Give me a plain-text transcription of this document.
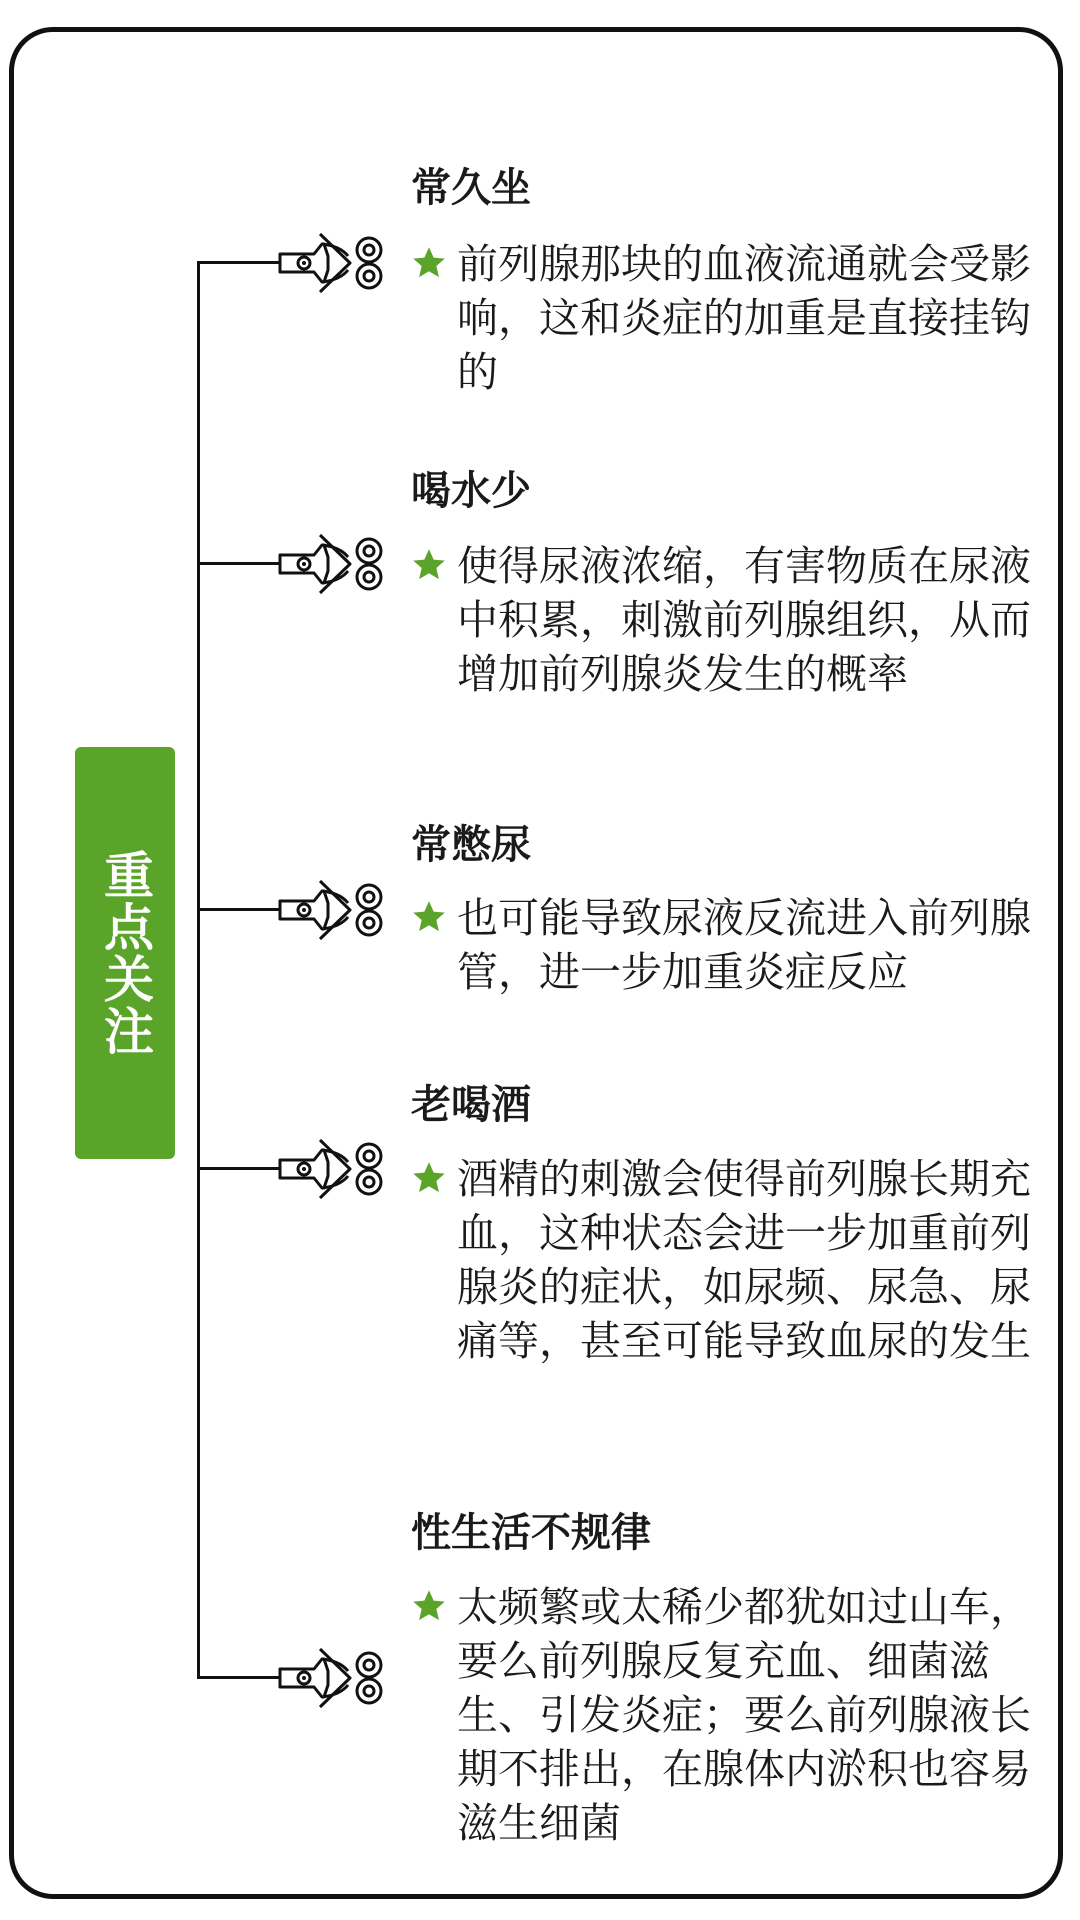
重点关注
常久坐
前列腺那块的血液流通就会受影响，这和炎症的加重是直接挂钩的
喝水少
使得尿液浓缩，有害物质在尿液中积累，刺激前列腺组织，从而增加前列腺炎发生的概率
常憋尿
也可能导致尿液反流进入前列腺管，进一步加重炎症反应
老喝酒
酒精的刺激会使得前列腺长期充血，这种状态会进一步加重前列腺炎的症状，如尿频、尿急、尿痛等，甚至可能导致血尿的发生
性生活不规律
太频繁或太稀少都犹如过山车，要么前列腺反复充血、细菌滋生、引发炎症；要么前列腺液长期不排出，在腺体内淤积也容易滋生细菌
